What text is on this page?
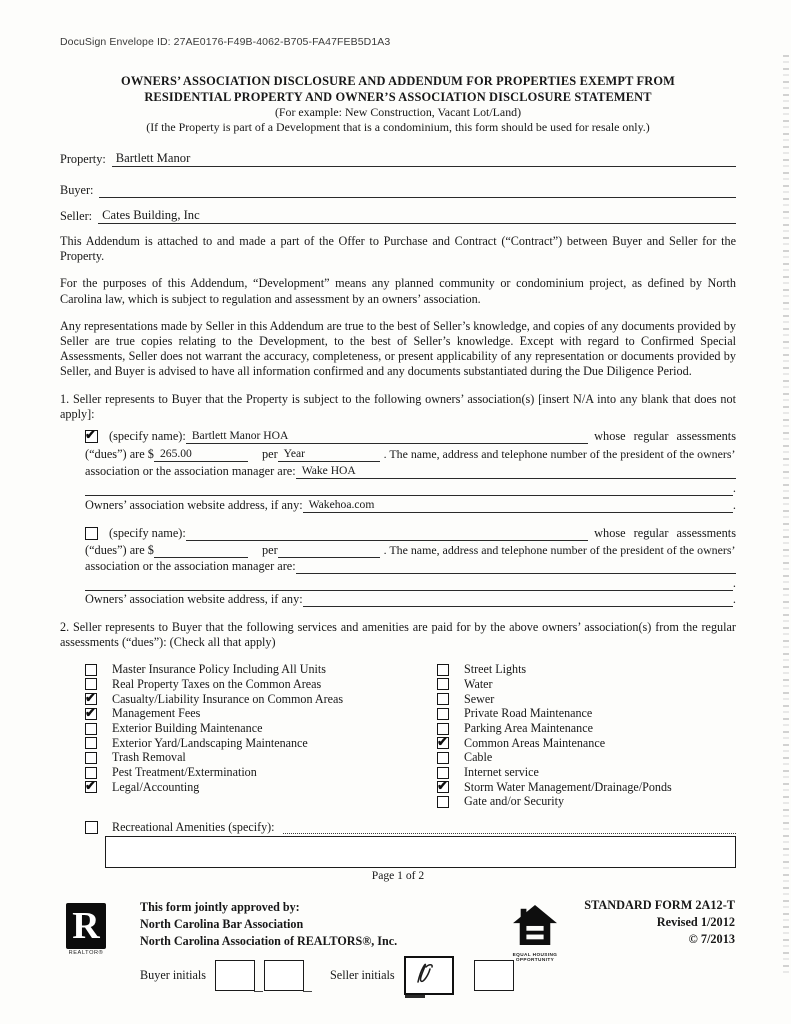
DocuSign Envelope ID: 27AE0176-F49B-4062-B705-FA47FEB5D1A3
OWNERS’ ASSOCIATION DISCLOSURE AND ADDENDUM FOR PROPERTIES EXEMPT FROM
RESIDENTIAL PROPERTY AND OWNER’S ASSOCIATION DISCLOSURE STATEMENT
(For example: New Construction, Vacant Lot/Land)
(If the Property is part of a Development that is a condominium, this form should be used for resale only.)
Property: Bartlett Manor
Buyer:
Seller: Cates Building, Inc

This Addendum is attached to and made a part of the Offer to Purchase and Contract (“Contract”) between Buyer and Seller for the Property.

For the purposes of this Addendum, “Development” means any planned community or condominium project, as defined by North Carolina law, which is subject to regulation and assessment by an owners’ association.

Any representations made by Seller in this Addendum are true to the best of Seller’s knowledge, and copies of any documents provided by Seller are true copies relating to the Development, to the best of Seller’s knowledge. Except with regard to Confirmed Special Assessments, Seller does not warrant the accuracy, completeness, or present applicability of any representation or documents provided by Seller, and Buyer is advised to have all information confirmed and any documents substantiated during the Due Diligence Period.

1. Seller represents to Buyer that the Property is subject to the following owners’ association(s) [insert N/A into any blank that does not apply]:

✔
(specify name): Bartlett Manor HOA	whose regular assessments
(“dues”) are $ 265.00	per Year	. The name, address and telephone number of the president of the owners’
association or the association manager are: Wake HOA
.
Owners’ association website address, if any: Wakehoa.com	.
(specify name):	whose regular assessments
(“dues”) are $	per	. The name, address and telephone number of the president of the owners’
association or the association manager are:
.
Owners’ association website address, if any:	.

2. Seller represents to Buyer that the following services and amenities are paid for by the above owners’ association(s) from the regular assessments (“dues”): (Check all that apply)

Master Insurance Policy Including All Units
Real Property Taxes on the Common Areas
✔
Casualty/Liability Insurance on Common Areas
✔
Management Fees
Exterior Building Maintenance
Exterior Yard/Landscaping Maintenance
Trash Removal
Pest Treatment/Extermination
✔
Legal/Accounting
Street Lights
Water
Sewer
Private Road Maintenance
Parking Area Maintenance
✔
Common Areas Maintenance
Cable
Internet service
✔
Storm Water Management/Drainage/Ponds
Gate and/or Security
Recreational Amenities (specify):
Page 1 of 2
R
REALTOR®
This form jointly approved by:
North Carolina Bar Association
North Carolina Association of REALTORS®, Inc.
Buyer initials	Seller initials
EQUAL HOUSING
OPPORTUNITY
STANDARD FORM 2A12-T
Revised 1/2012
© 7/2013
